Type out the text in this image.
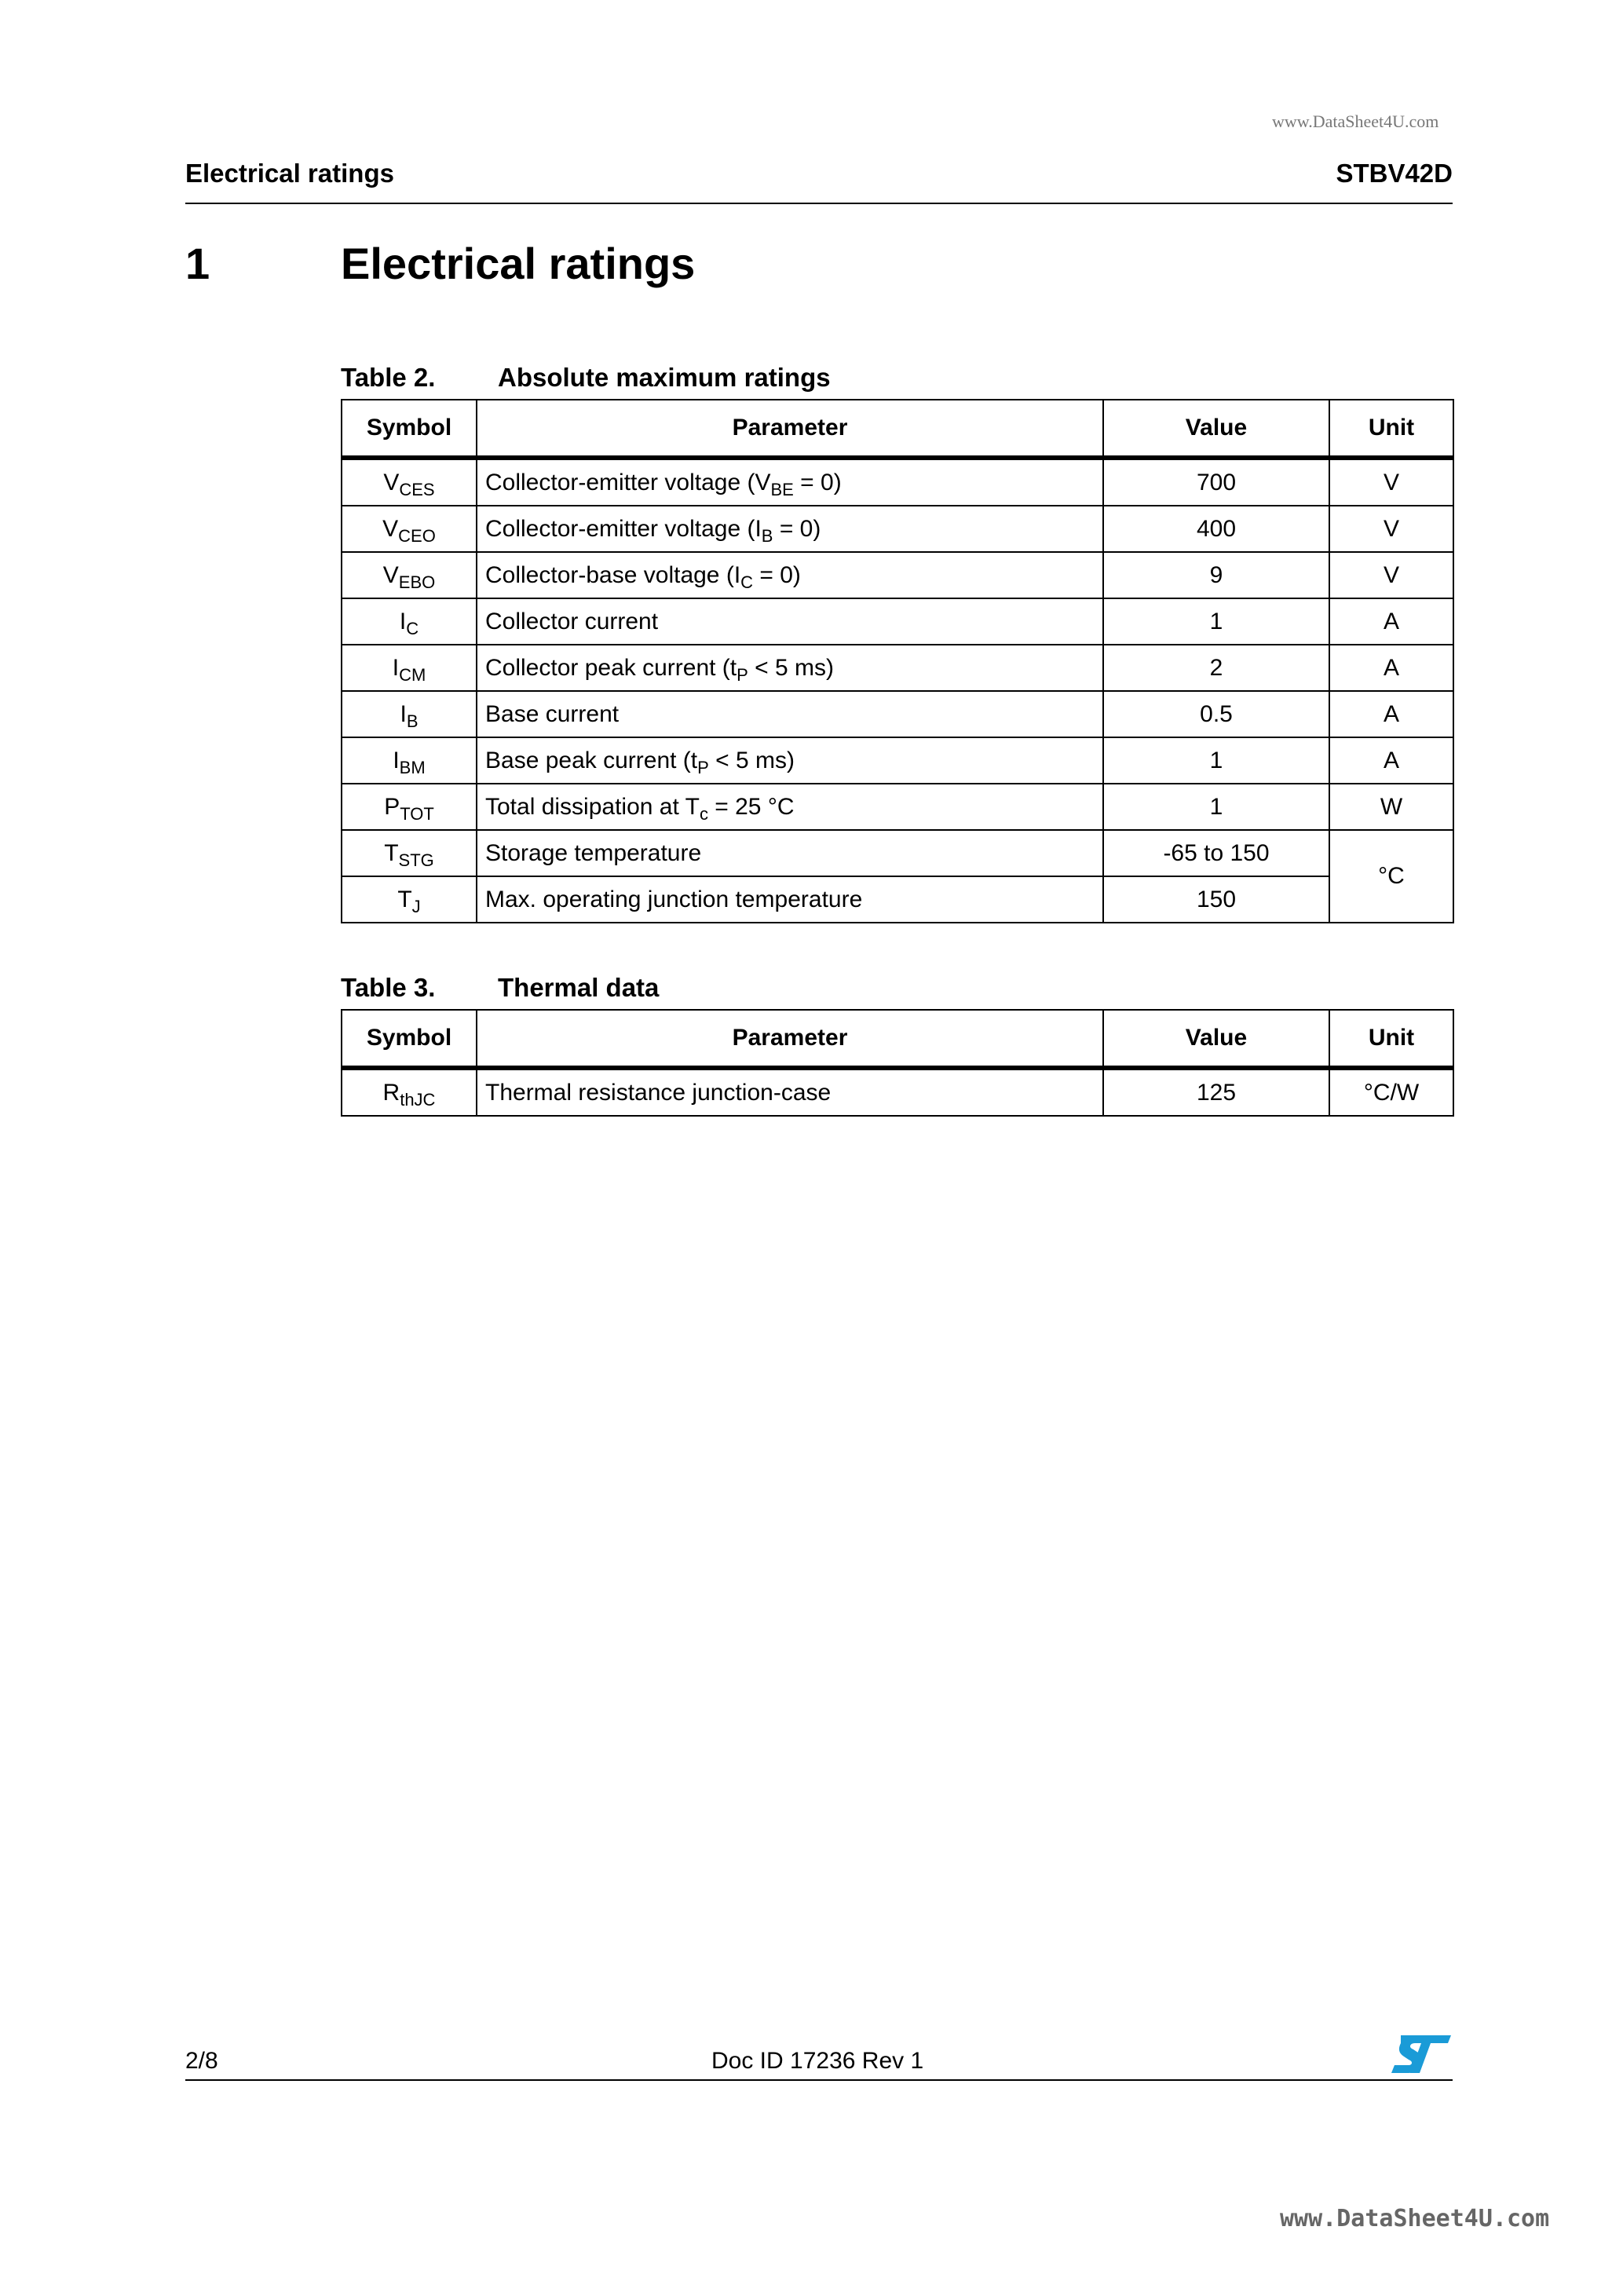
www.DataSheet4U.com
Electrical ratings	STBV42D
1	Electrical ratings
Table 2. Absolute maximum ratings
Symbol	Parameter	Value	Unit
$V_{CES}$	Collector-emitter voltage $(V_{BE} = 0)$	700	V
$V_{CEO}$	Collector-emitter voltage $(I_B = 0)$	400	V
$V_{EBO}$	Collector-base voltage $(I_C = 0)$	9	V
$I_C$	Collector current	1	A
$I_{CM}$	Collector peak current ($t_P < 5$ ms)	2	A
$I_B$	Base current	0.5	A
$I_{BM}$	Base peak current ($t_P < 5$ ms)	1	A
$P_{TOT}$	Total dissipation at $T_c = 25$ °C	1	W
$T_{STG}$	Storage temperature	-65 to 150	°C
$T_J$	Max. operating junction temperature	150	
Table 3. Thermal data
Symbol	Parameter	Value	Unit
$R_{thJC}$	Thermal resistance junction-case	125	°C/W
2/8	Doc ID 17236 Rev 1
www.DataSheet4U.com
